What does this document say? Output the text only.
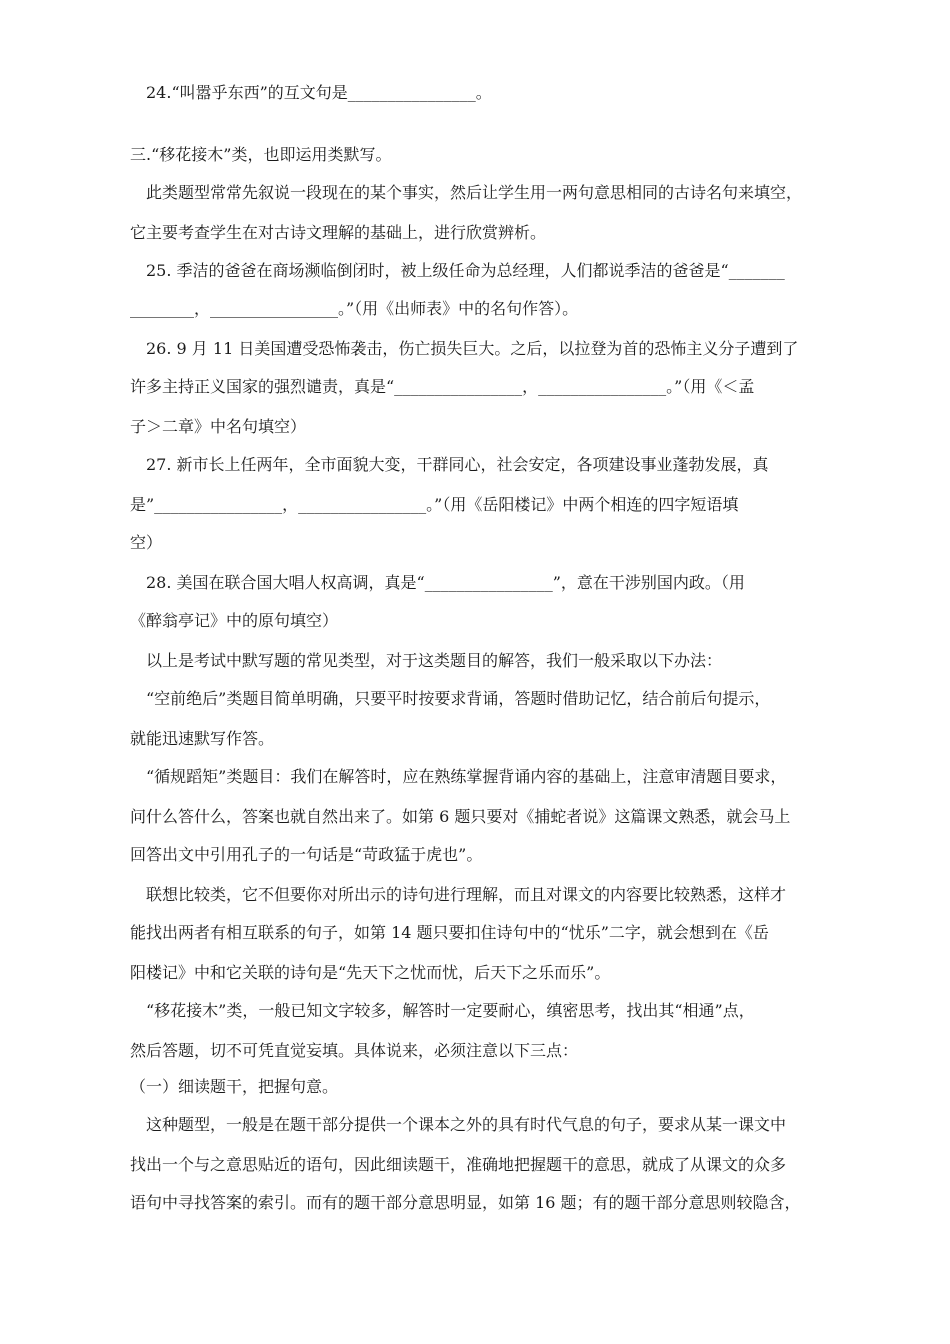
24.“叫嚣乎东西”的互文句是________________。
三.“移花接木”类，也即运用类默写。
此类题型常常先叙说一段现在的某个事实，然后让学生用一两句意思相同的古诗名句来填空，
它主要考查学生在对古诗文理解的基础上，进行欣赏辨析。
25. 季洁的爸爸在商场濒临倒闭时，被上级任命为总经理，人们都说季洁的爸爸是“_______
________，________________。”（用《出师表》中的名句作答）。
26. 9 月 11 日美国遭受恐怖袭击，伤亡损失巨大。之后，以拉登为首的恐怖主义分子遭到了
许多主持正义国家的强烈谴责，真是“________________，________________。”（用《＜孟
子＞二章》中名句填空）
27. 新市长上任两年，全市面貌大变，干群同心，社会安定，各项建设事业蓬勃发展，真
是”________________，________________。”（用《岳阳楼记》中两个相连的四字短语填
空）
28. 美国在联合国大唱人权高调，真是“________________”，意在干涉别国内政。（用
《醉翁亭记》中的原句填空）
以上是考试中默写题的常见类型，对于这类题目的解答，我们一般采取以下办法：
“空前绝后”类题目简单明确，只要平时按要求背诵，答题时借助记忆，结合前后句提示，
就能迅速默写作答。
“循规蹈矩”类题目：我们在解答时，应在熟练掌握背诵内容的基础上，注意审清题目要求，
问什么答什么，答案也就自然出来了。如第 6 题只要对《捕蛇者说》这篇课文熟悉，就会马上
回答出文中引用孔子的一句话是“苛政猛于虎也”。
联想比较类，它不但要你对所出示的诗句进行理解，而且对课文的内容要比较熟悉，这样才
能找出两者有相互联系的句子，如第 14 题只要扣住诗句中的“忧乐”二字，就会想到在《岳
阳楼记》中和它关联的诗句是“先天下之忧而忧，后天下之乐而乐”。
“移花接木”类，一般已知文字较多，解答时一定要耐心，缜密思考，找出其“相通”点，
然后答题，切不可凭直觉妄填。具体说来，必须注意以下三点：
（一）细读题干，把握句意。
这种题型，一般是在题干部分提供一个课本之外的具有时代气息的句子，要求从某一课文中
找出一个与之意思贴近的语句，因此细读题干，准确地把握题干的意思，就成了从课文的众多
语句中寻找答案的索引。而有的题干部分意思明显，如第 16 题；有的题干部分意思则较隐含，
